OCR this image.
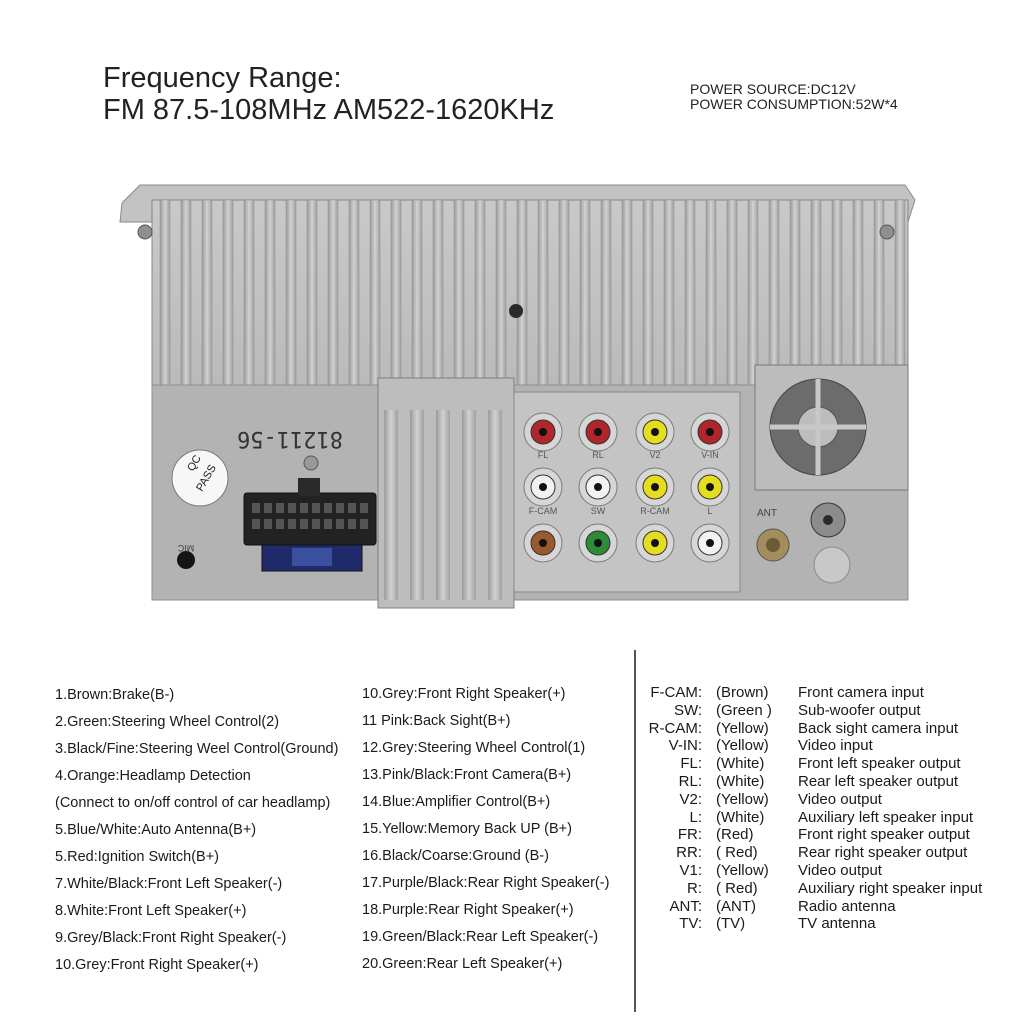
Frequency Range:
FM 87.5-108MHz AM522-1620KHz
POWER SOURCE:DC12V
POWER CONSUMPTION:52W*4
81211-56
QC
PASS
MIC
FL	RL	V2	V-IN
F-CAM	SW	R-CAM	L	ANT
1.Brown:Brake(B-)
2.Green:Steering Wheel Control(2)
3.Black/Fine:Steering Weel Control(Ground)
4.Orange:Headlamp Detection
(Connect to on/off control of car headlamp)
5.Blue/White:Auto Antenna(B+)
5.Red:Ignition Switch(B+)
7.White/Black:Front Left Speaker(-)
8.White:Front Left Speaker(+)
9.Grey/Black:Front Right Speaker(-)
10.Grey:Front Right Speaker(+)
10.Grey:Front Right Speaker(+)
11 Pink:Back Sight(B+)
12.Grey:Steering Wheel Control(1)
13.Pink/Black:Front Camera(B+)
14.Blue:Amplifier Control(B+)
15.Yellow:Memory Back UP (B+)
16.Black/Coarse:Ground (B-)
17.Purple/Black:Rear Right Speaker(-)
18.Purple:Rear Right Speaker(+)
19.Green/Black:Rear Left Speaker(-)
20.Green:Rear Left Speaker(+)
F-CAM: (Brown) Front camera input
SW: (Green ) Sub-woofer output
R-CAM: (Yellow) Back sight camera input
V-IN: (Yellow) Video input
FL: (White) Front left speaker output
RL: (White) Rear left speaker output
V2: (Yellow) Video output
L: (White) Auxiliary left speaker input
FR: (Red)	Front right speaker output
RR: ( Red)	Rear right speaker output
V1: (Yellow) Video output
R: ( Red)	Auxiliary right speaker input
ANT: (ANT)	Radio antenna
TV: (TV)	TV antenna
